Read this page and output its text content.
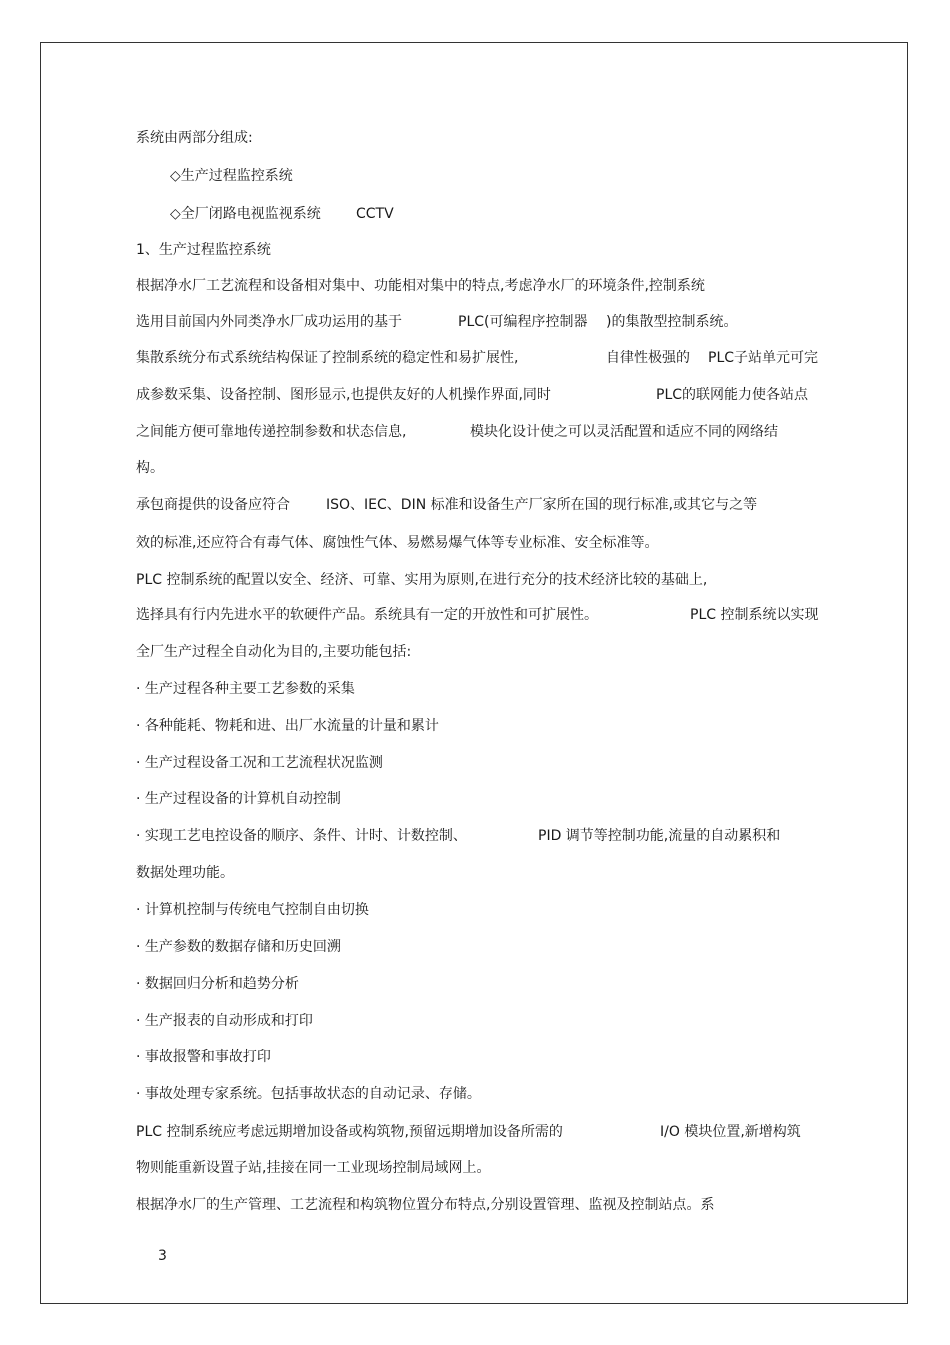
系统由两部分组成:
◇生产过程监控系统
◇全厂闭路电视监视系统	CCTV
1、生产过程监控系统
根据净水厂工艺流程和设备相对集中、功能相对集中的特点,考虑净水厂的环境条件,控制系统
选用目前国内外同类净水厂成功运用的基于	PLC(可编程序控制器 )的集散型控制系统。
集散系统分布式系统结构保证了控制系统的稳定性和易扩展性,	自律性极强的 PLC子站单元可完
成参数采集、设备控制、图形显示,也提供友好的人机操作界面,同时	PLC的联网能力使各站点
之间能方便可靠地传递控制参数和状态信息,	模块化设计使之可以灵活配置和适应不同的网络结
构。
承包商提供的设备应符合	ISO、IEC、DIN 标准和设备生产厂家所在国的现行标准,或其它与之等
效的标准,还应符合有毒气体、腐蚀性气体、易燃易爆气体等专业标准、安全标准等。
PLC 控制系统的配置以安全、经济、可靠、实用为原则,在进行充分的技术经济比较的基础上,
选择具有行内先进水平的软硬件产品。系统具有一定的开放性和可扩展性。	PLC 控制系统以实现
全厂生产过程全自动化为目的,主要功能包括:
· 生产过程各种主要工艺参数的采集
· 各种能耗、物耗和进、出厂水流量的计量和累计
· 生产过程设备工况和工艺流程状况监测
· 生产过程设备的计算机自动控制
· 实现工艺电控设备的顺序、条件、计时、计数控制、	PID 调节等控制功能,流量的自动累积和
数据处理功能。
· 计算机控制与传统电气控制自由切换
· 生产参数的数据存储和历史回溯
· 数据回归分析和趋势分析
· 生产报表的自动形成和打印
· 事故报警和事故打印
· 事故处理专家系统。包括事故状态的自动记录、存储。
PLC 控制系统应考虑远期增加设备或构筑物,预留远期增加设备所需的	I/O 模块位置,新增构筑
物则能重新设置子站,挂接在同一工业现场控制局域网上。
根据净水厂的生产管理、工艺流程和构筑物位置分布特点,分别设置管理、监视及控制站点。系
3
